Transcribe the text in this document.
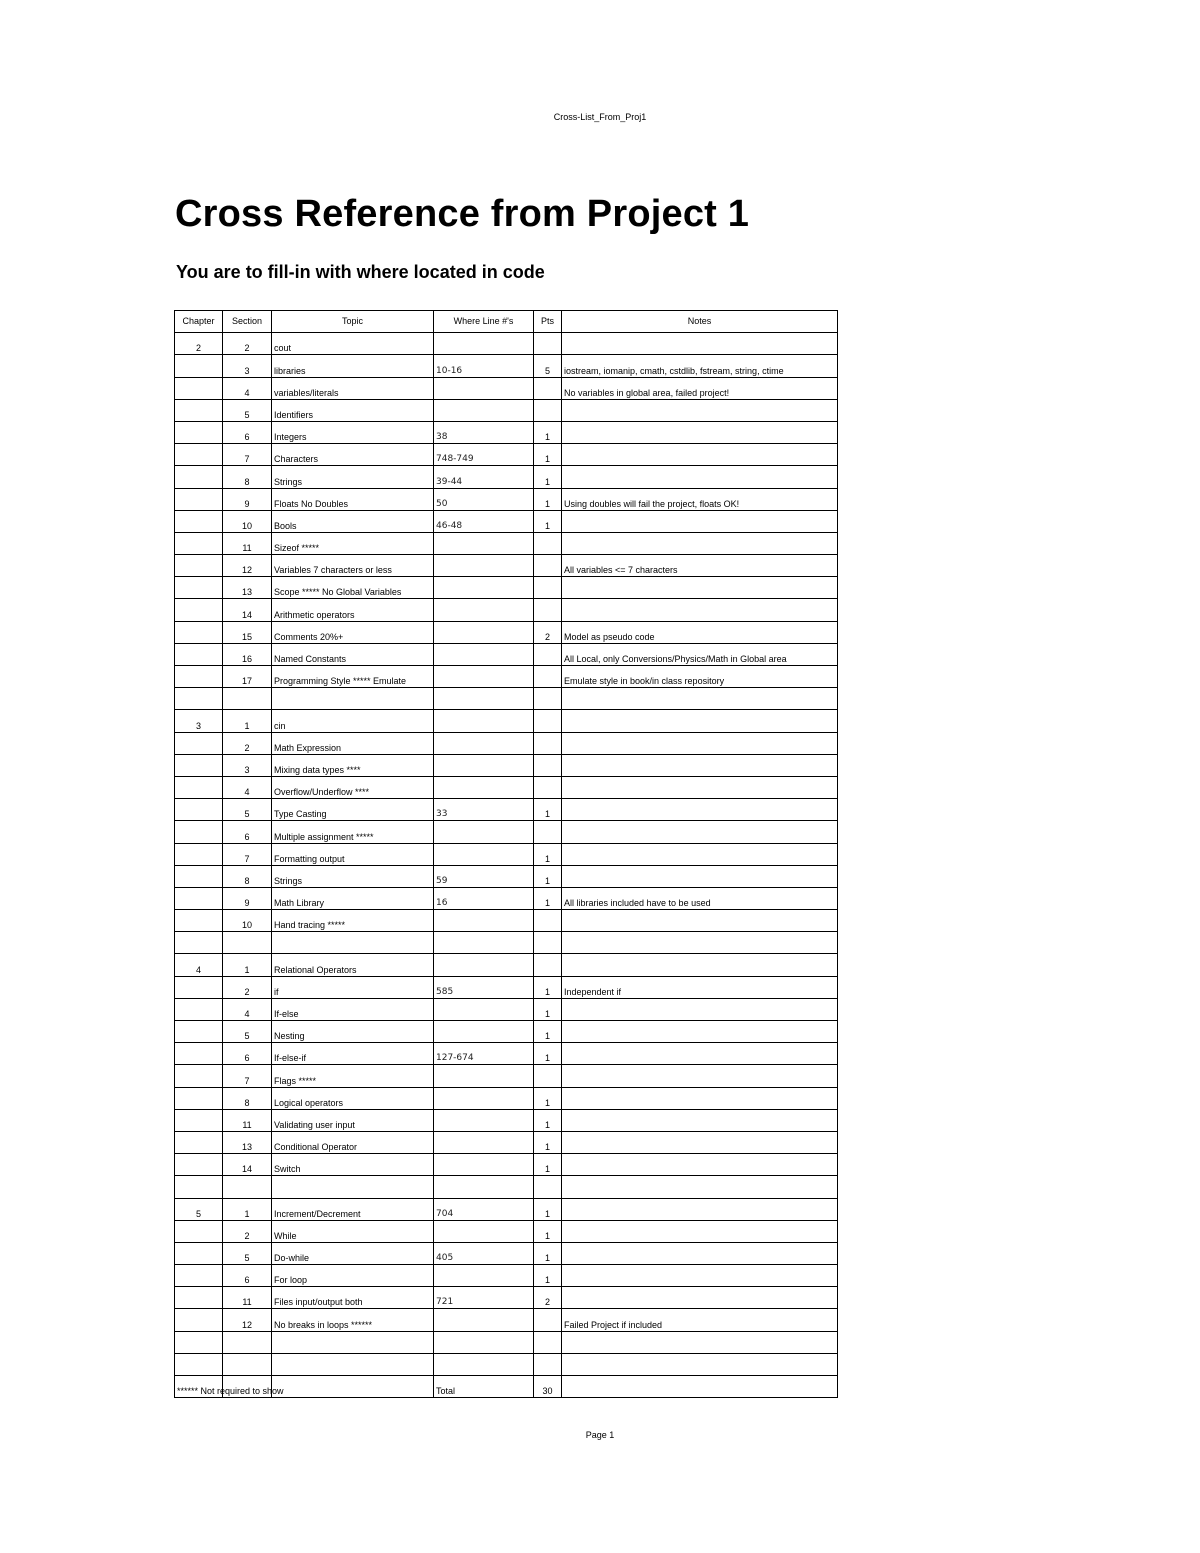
Cross-List_From_Proj1
Cross Reference from Project 1
You are to fill-in with where located in code
Chapter	Section	Topic	Where Line #'s	Pts	Notes
2	2	cout			
	3	libraries	10-16	5	iostream, iomanip, cmath, cstdlib, fstream, string, ctime
	4	variables/literals			No variables in global area, failed project!
	5	Identifiers			
	6	Integers	38	1	
	7	Characters	748-749	1	
	8	Strings	39-44	1	
	9	Floats No Doubles	50	1	Using doubles will fail the project, floats OK!
	10	Bools	46-48	1	
	11	Sizeof *****			
	12	Variables 7 characters or less			All variables <= 7 characters
	13	Scope ***** No Global Variables			
	14	Arithmetic operators			
	15	Comments 20%+		2	Model as pseudo code
	16	Named Constants			All Local, only Conversions/Physics/Math in Global area
	17	Programming Style ***** Emulate			Emulate style in book/in class repository

3	1	cin			
	2	Math Expression			
	3	Mixing data types ****			
	4	Overflow/Underflow ****			
	5	Type Casting	33	1	
	6	Multiple assignment *****			
	7	Formatting output		1	
	8	Strings	59	1	
	9	Math Library	16	1	All libraries included have to be used
	10	Hand tracing *****			

4	1	Relational Operators			
	2	if	585	1	Independent if
	4	If-else		1	
	5	Nesting		1	
	6	If-else-if	127-674	1	
	7	Flags *****			
	8	Logical operators		1	
	11	Validating user input		1	
	13	Conditional Operator		1	
	14	Switch		1	

5	1	Increment/Decrement	704	1	
	2	While		1	
	5	Do-while	405	1	
	6	For loop		1	
	11	Files input/output both	721	2	
	12	No breaks in loops ******			Failed Project if included

****** Not required to show			Total	30	
Page 1
